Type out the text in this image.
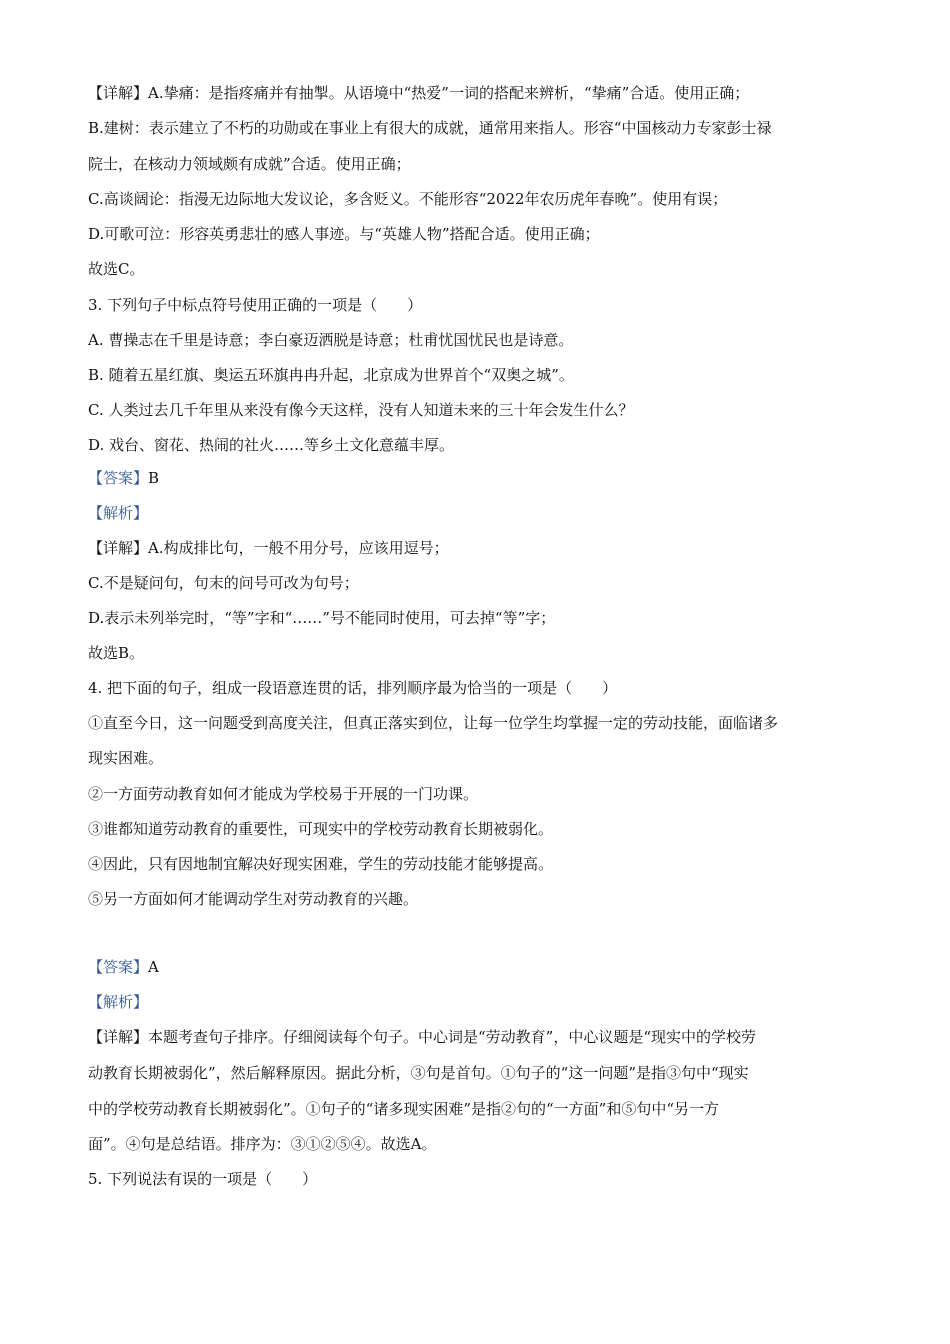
【详解】A.挚痛：是指疼痛并有抽掣。从语境中“热爱”一词的搭配来辨析，“挚痛”合适。使用正确；
B.建树：表示建立了不朽的功勋或在事业上有很大的成就，通常用来指人。形容“中国核动力专家彭士禄
院士，在核动力领域颇有成就”合适。使用正确；
C.高谈阔论：指漫无边际地大发议论，多含贬义。不能形容“2022年农历虎年春晚”。使用有误；
D.可歌可泣：形容英勇悲壮的感人事迹。与“英雄人物”搭配合适。使用正确；
故选C。
3. 下列句子中标点符号使用正确的一项是（　　）
A. 曹操志在千里是诗意；李白豪迈洒脱是诗意；杜甫忧国忧民也是诗意。
B. 随着五星红旗、奥运五环旗冉冉升起，北京成为世界首个“双奥之城”。
C. 人类过去几千年里从来没有像今天这样，没有人知道未来的三十年会发生什么？
D. 戏台、窗花、热闹的社火……等乡土文化意蕴丰厚。
【答案】B
【解析】
【详解】A.构成排比句，一般不用分号，应该用逗号；
C.不是疑问句，句末的问号可改为句号；
D.表示未列举完时，“等”字和“……”号不能同时使用，可去掉“等”字；
故选B。
4. 把下面的句子，组成一段语意连贯的话，排列顺序最为恰当的一项是（　　）
①直至今日，这一问题受到高度关注，但真正落实到位，让每一位学生均掌握一定的劳动技能，面临诸多
现实困难。
②一方面劳动教育如何才能成为学校易于开展的一门功课。
③谁都知道劳动教育的重要性，可现实中的学校劳动教育长期被弱化。
④因此，只有因地制宜解决好现实困难，学生的劳动技能才能够提高。
⑤另一方面如何才能调动学生对劳动教育的兴趣。
【答案】A
【解析】
【详解】本题考查句子排序。仔细阅读每个句子。中心词是“劳动教育”，中心议题是“现实中的学校劳
动教育长期被弱化”，然后解释原因。据此分析，③句是首句。①句子的“这一问题”是指③句中“现实
中的学校劳动教育长期被弱化”。①句子的“诸多现实困难”是指②句的“一方面”和⑤句中“另一方
面”。④句是总结语。排序为：③①②⑤④。故选A。
5. 下列说法有误的一项是（　　）
